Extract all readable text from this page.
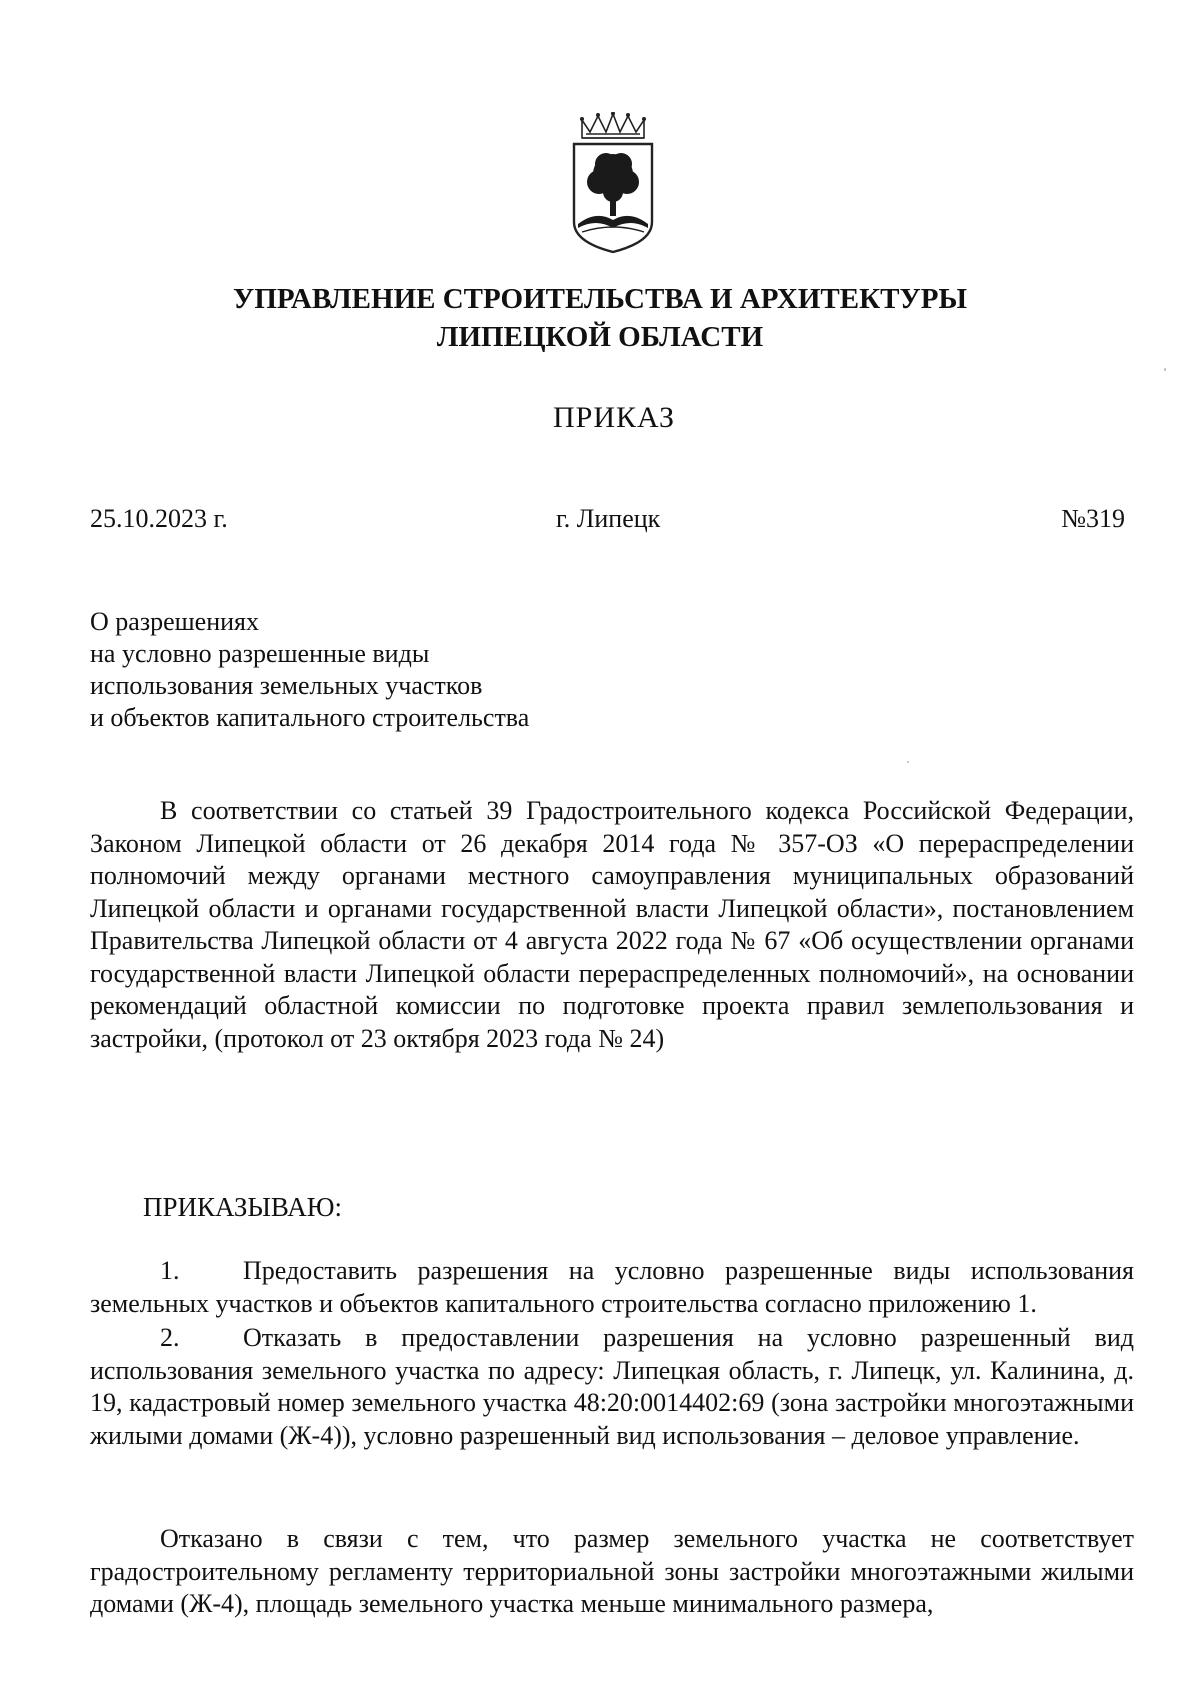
УПРАВЛЕНИЕ СТРОИТЕЛЬСТВА И АРХИТЕКТУРЫ
ЛИПЕЦКОЙ ОБЛАСТИ
ПРИКАЗ
25.10.2023 г.	г. Липецк	№319
О разрешениях
на условно разрешенные виды
использования земельных участков
и объектов капитального строительства
В соответствии со статьей 39 Градостроительного кодекса Российской Федерации, Законом Липецкой области от 26 декабря 2014 года № 357-ОЗ «О перераспределении полномочий между органами местного самоуправления муниципальных образований Липецкой области и органами государственной власти Липецкой области», постановлением Правительства Липецкой области от 4 августа 2022 года № 67 «Об осуществлении органами государственной власти Липецкой области перераспределенных полномочий», на основании рекомендаций областной комиссии по подготовке проекта правил землепользования и застройки, (протокол от 23 октября 2023 года № 24)
ПРИКАЗЫВАЮ:
1. Предоставить разрешения на условно разрешенные виды использования земельных участков и объектов капитального строительства согласно приложению 1.
2. Отказать в предоставлении разрешения на условно разрешенный вид использования земельного участка по адресу: Липецкая область, г. Липецк, ул. Калинина, д. 19, кадастровый номер земельного участка 48:20:0014402:69 (зона застройки многоэтажными жилыми домами (Ж-4)), условно разрешенный вид использования – деловое управление.
Отказано в связи с тем, что размер земельного участка не соответствует градостроительному регламенту территориальной зоны застройки многоэтажными жилыми домами (Ж-4), площадь земельного участка меньше минимального размера,
